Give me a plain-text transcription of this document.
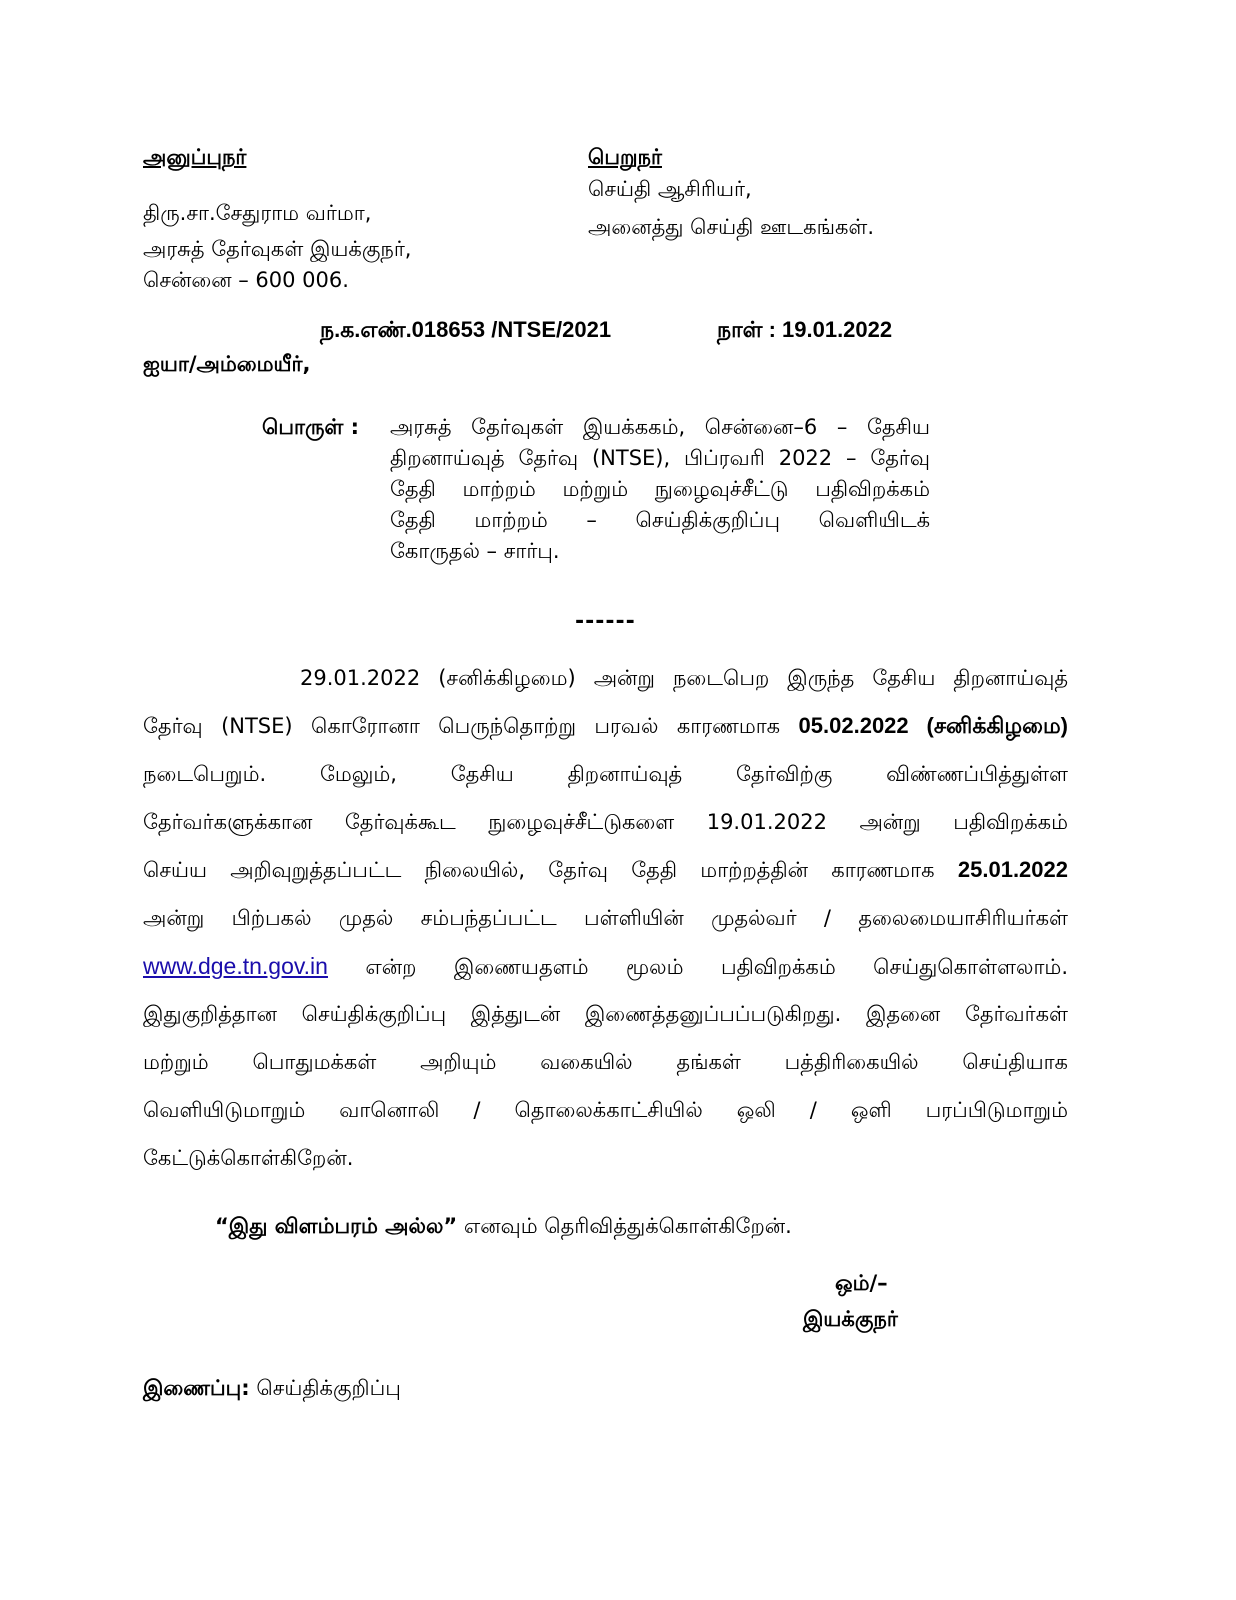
அனுப்புநர்
திரு.சா.சேதுராம வர்மா,
அரசுத் தேர்வுகள் இயக்குநர்,
சென்னை – 600 006.
பெறுநர்
செய்தி ஆசிரியர்,
அனைத்து செய்தி ஊடகங்கள்.
ந.க.எண்.018653 /NTSE/2021	நாள் : 19.01.2022
ஐயா/அம்மையீர்,
பொருள் : அரசுத் தேர்வுகள் இயக்ககம், சென்னை–6 – தேசிய
திறனாய்வுத் தேர்வு (NTSE), பிப்ரவரி 2022 – தேர்வு
தேதி மாற்றம் மற்றும் நுழைவுச்சீட்டு பதிவிறக்கம்
தேதி மாற்றம் – செய்திக்குறிப்பு வெளியிடக்
கோருதல் – சார்பு.
------
29.01.2022 (சனிக்கிழமை) அன்று நடைபெற இருந்த தேசிய திறனாய்வுத்
தேர்வு (NTSE) கொரோனா பெருந்தொற்று பரவல் காரணமாக 05.02.2022 (சனிக்கிழமை)
நடைபெறும். மேலும், தேசிய திறனாய்வுத் தேர்விற்கு விண்ணப்பித்துள்ள
தேர்வர்களுக்கான தேர்வுக்கூட நுழைவுச்சீட்டுகளை 19.01.2022 அன்று பதிவிறக்கம்
செய்ய அறிவுறுத்தப்பட்ட நிலையில், தேர்வு தேதி மாற்றத்தின் காரணமாக 25.01.2022
அன்று பிற்பகல் முதல் சம்பந்தப்பட்ட பள்ளியின் முதல்வர் / தலைமையாசிரியர்கள்
www.dge.tn.gov.in என்ற இணையதளம் மூலம் பதிவிறக்கம் செய்துகொள்ளலாம்.
இதுகுறித்தான செய்திக்குறிப்பு இத்துடன் இணைத்தனுப்பப்படுகிறது. இதனை தேர்வர்கள்
மற்றும் பொதுமக்கள் அறியும் வகையில் தங்கள் பத்திரிகையில் செய்தியாக
வெளியிடுமாறும் வானொலி / தொலைக்காட்சியில் ஒலி / ஒளி பரப்பிடுமாறும்
கேட்டுக்கொள்கிறேன்.
“இது விளம்பரம் அல்ல” எனவும் தெரிவித்துக்கொள்கிறேன்.
ஒம்/–
இயக்குநர்
இணைப்பு: செய்திக்குறிப்பு
